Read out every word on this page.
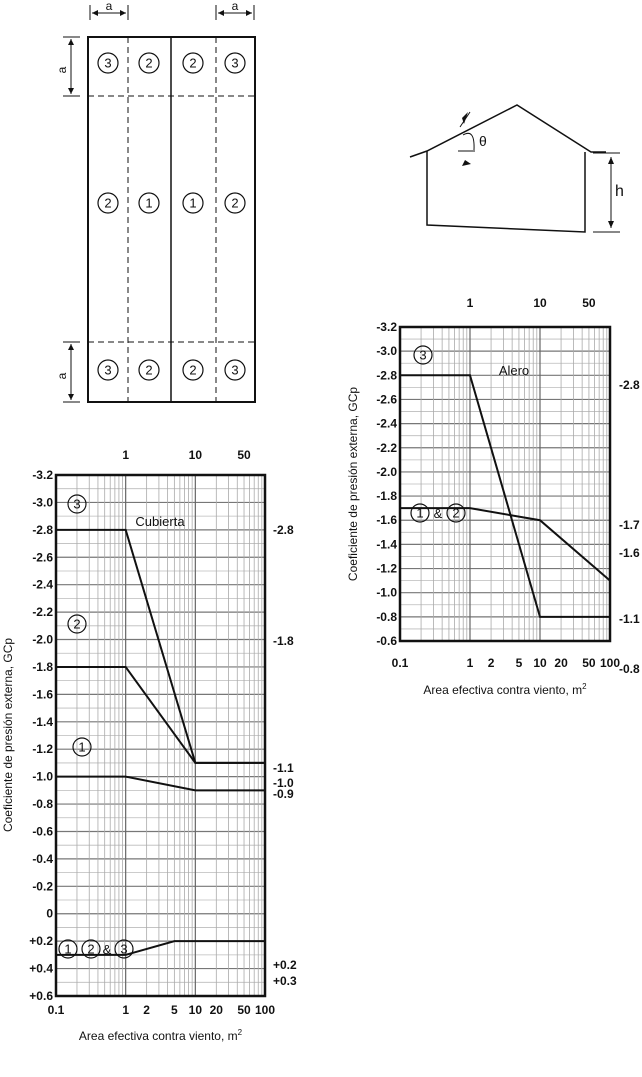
a	a
a
a
3	2	2	3
2	1	1	2
3	2	2	3
θ
h
-3.2
-3.0
-2.8
-2.6
-2.4
-2.2
-2.0
-1.8
-1.6
-1.4
-1.2
-1.0
-0.8
-0.6
-0.4
-0.2
0
+0.2
+0.4
+0.6
0.1	1 2 5 10 20 50 100
1	10	50
Area efectiva contra viento, $m^2$
Coeficiente de presión externa, GCp
Cubierta
3
2
1
1 2 & 3
-2.8
-1.8
-1.1
-1.0
-0.9
+0.2
+0.3
-3.2
-3.0
-2.8
-2.6
-2.4
-2.2
-2.0
-1.8
-1.6
-1.4
-1.2
-1.0
-0.8
-0.6
0.1	1 2 5 10 20 50 100
1	10	50
Area efectiva contra viento, $m^2$
Coeficiente de presión externa, GCp
Alero
3
1 & 2
-2.8
-1.7
-1.6
-1.1
-0.8
